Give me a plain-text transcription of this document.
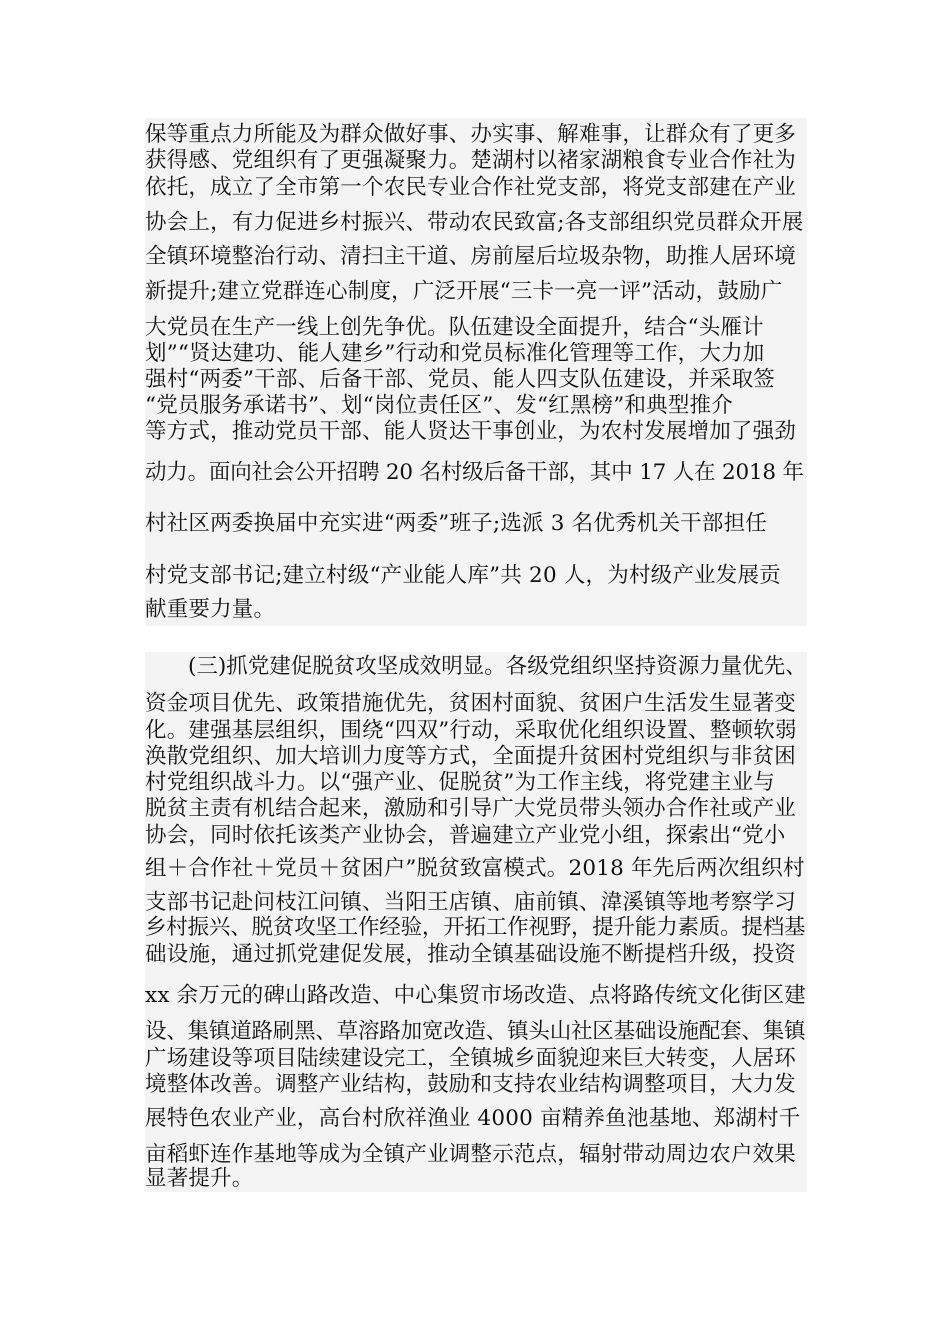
保等重点力所能及为群众做好事、办实事、解难事，让群众有了更多
获得感、党组织有了更强凝聚力。楚湖村以褚家湖粮食专业合作社为
依托，成立了全市第一个农民专业合作社党支部，将党支部建在产业
协会上，有力促进乡村振兴、带动农民致富;各支部组织党员群众开展
全镇环境整治行动、清扫主干道、房前屋后垃圾杂物，助推人居环境
新提升;建立党群连心制度，广泛开展“三卡一亮一评”活动，鼓励广
大党员在生产一线上创先争优。队伍建设全面提升，结合“头雁计
划”“贤达建功、能人建乡”行动和党员标准化管理等工作，大力加
强村“两委”干部、后备干部、党员、能人四支队伍建设，并采取签
“党员服务承诺书”、划“岗位责任区”、发“红黑榜”和典型推介
等方式，推动党员干部、能人贤达干事创业，为农村发展增加了强劲
动力。面向社会公开招聘 20 名村级后备干部，其中 17 人在 2018 年
村社区两委换届中充实进“两委”班子;选派 3 名优秀机关干部担任
村党支部书记;建立村级“产业能人库”共 20 人，为村级产业发展贡
献重要力量。
(三)抓党建促脱贫攻坚成效明显。各级党组织坚持资源力量优先、
资金项目优先、政策措施优先，贫困村面貌、贫困户生活发生显著变
化。建强基层组织，围绕“四双”行动，采取优化组织设置、整顿软弱
涣散党组织、加大培训力度等方式，全面提升贫困村党组织与非贫困
村党组织战斗力。以“强产业、促脱贫”为工作主线，将党建主业与
脱贫主责有机结合起来，激励和引导广大党员带头领办合作社或产业
协会，同时依托该类产业协会，普遍建立产业党小组，探索出“党小
组＋合作社＋党员＋贫困户”脱贫致富模式。2018 年先后两次组织村
支部书记赴问枝江问镇、当阳王店镇、庙前镇、湋溪镇等地考察学习
乡村振兴、脱贫攻坚工作经验，开拓工作视野，提升能力素质。提档基
础设施，通过抓党建促发展，推动全镇基础设施不断提档升级，投资
xx 余万元的碑山路改造、中心集贸市场改造、点将路传统文化街区建
设、集镇道路刷黑、草溶路加宽改造、镇头山社区基础设施配套、集镇
广场建设等项目陆续建设完工，全镇城乡面貌迎来巨大转变，人居环
境整体改善。调整产业结构，鼓励和支持农业结构调整项目，大力发
展特色农业产业，高台村欣祥渔业 4000 亩精养鱼池基地、郑湖村千
亩稻虾连作基地等成为全镇产业调整示范点，辐射带动周边农户效果
显著提升。
